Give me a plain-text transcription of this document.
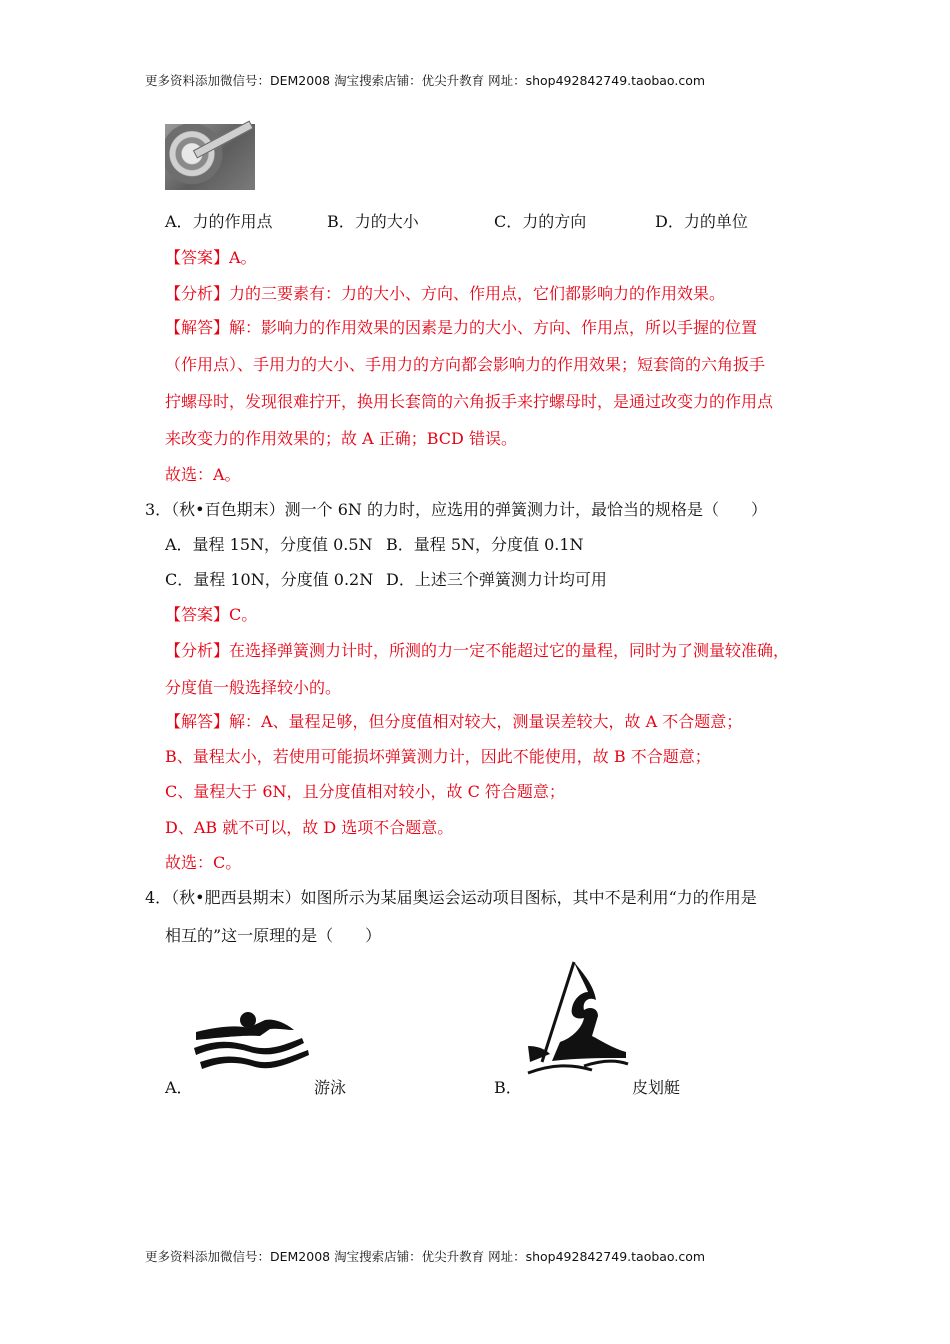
更多资料添加微信号：DEM2008 淘宝搜索店铺：优尖升教育 网址：shop492842749.taobao.com
A．力的作用点	B．力的大小	C．力的方向	D．力的单位
【答案】A。
【分析】力的三要素有：力的大小、方向、作用点，它们都影响力的作用效果。
【解答】解：影响力的作用效果的因素是力的大小、方向、作用点，所以手握的位置
（作用点）、手用力的大小、手用力的方向都会影响力的作用效果；短套筒的六角扳手
拧螺母时，发现很难拧开，换用长套筒的六角扳手来拧螺母时，是通过改变力的作用点
来改变力的作用效果的；故 A 正确；BCD 错误。
故选：A。
3．（秋•百色期末）测一个 6N 的力时，应选用的弹簧测力计，最恰当的规格是（　　）
A．量程 15N，分度值 0.5N B．量程 5N，分度值 0.1N
C．量程 10N，分度值 0.2N D．上述三个弹簧测力计均可用
【答案】C。
【分析】在选择弹簧测力计时，所测的力一定不能超过它的量程，同时为了测量较准确，
分度值一般选择较小的。
【解答】解：A、量程足够，但分度值相对较大，测量误差较大，故 A 不合题意；
B、量程太小，若使用可能损坏弹簧测力计，因此不能使用，故 B 不合题意；
C、量程大于 6N，且分度值相对较小，故 C 符合题意；
D、AB 就不可以，故 D 选项不合题意。
故选：C。
4．（秋•肥西县期末）如图所示为某届奥运会运动项目图标，其中不是利用“力的作用是
相互的”这一原理的是（　　）
A．	游泳	B．	皮划艇
更多资料添加微信号：DEM2008 淘宝搜索店铺：优尖升教育 网址：shop492842749.taobao.com
